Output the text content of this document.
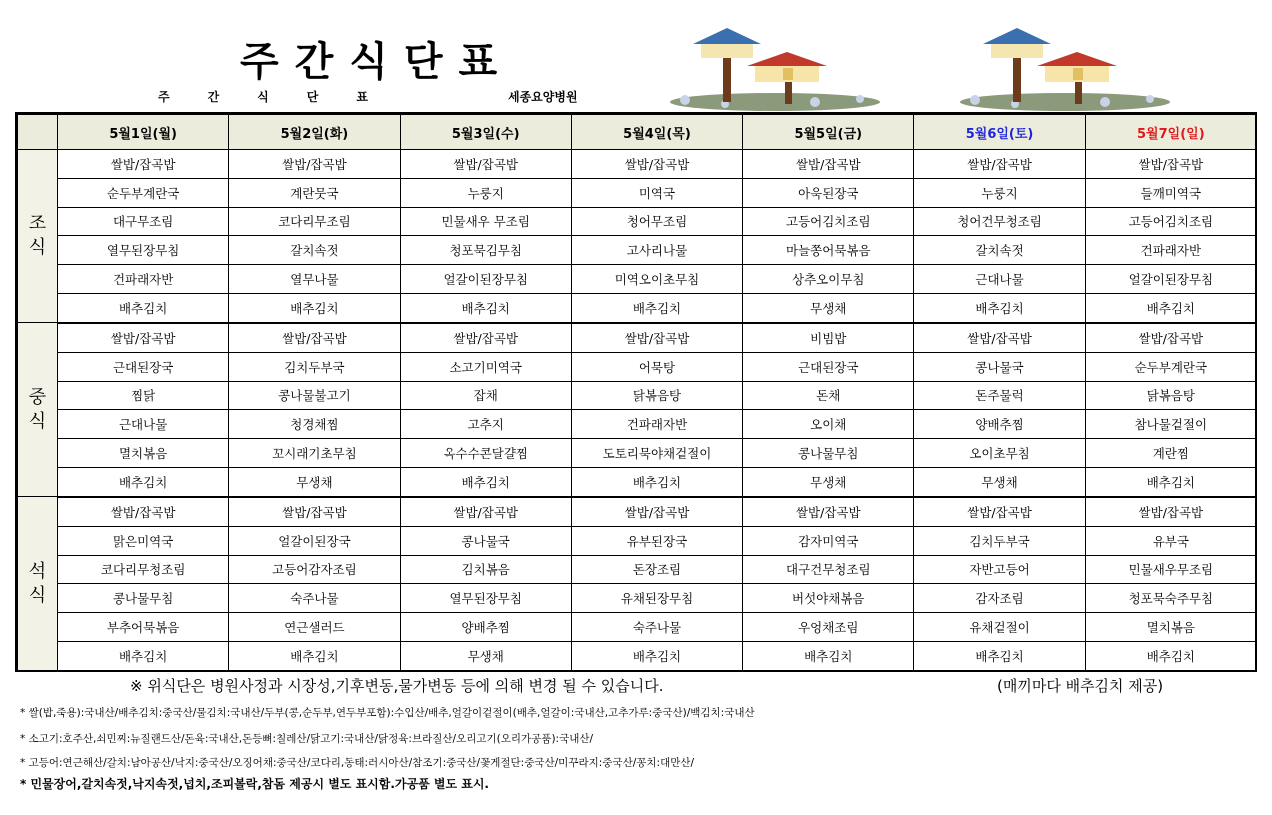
주간식단표
주간식단표	세종요양병원
	5월1일(월)	5월2일(화)	5월3일(수)	5월4일(목)	5월5일(금)	5월6일(토)	5월7일(일)
조
식	쌀밥/잡곡밥	쌀밥/잡곡밥	쌀밥/잡곡밥	쌀밥/잡곡밥	쌀밥/잡곡밥	쌀밥/잡곡밥	쌀밥/잡곡밥
	순두부계란국	계란뭇국	누룽지	미역국	아욱된장국	누룽지	들깨미역국
	대구무조림	코다리무조림	민물새우 무조림	청어무조림	고등어김치조림	청어건무청조림	고등어김치조림
	열무된장무침	갈치속젓	청포묵김무침	고사리나물	마늘쫑어묵볶음	갈치속젓	건파래자반
	건파래자반	열무나물	얼갈이된장무침	미역오이초무침	상추오이무침	근대나물	얼갈이된장무침
	배추김치	배추김치	배추김치	배추김치	무생채	배추김치	배추김치
중
식	쌀밥/잡곡밥	쌀밥/잡곡밥	쌀밥/잡곡밥	쌀밥/잡곡밥	비빔밥	쌀밥/잡곡밥	쌀밥/잡곡밥
	근대된장국	김치두부국	소고기미역국	어묵탕	근대된장국	콩나물국	순두부계란국
	찜닭	콩나물불고기	잡채	닭볶음탕	돈채	돈주물럭	닭볶음탕
	근대나물	청경채찜	고추지	건파래자반	오이채	양배추찜	참나물겉절이
	멸치볶음	꼬시래기초무침	옥수수콘달걀찜	도토리묵야채겉절이	콩나물무침	오이초무침	계란찜
	배추김치	무생채	배추김치	배추김치	무생채	무생채	배추김치
석
식	쌀밥/잡곡밥	쌀밥/잡곡밥	쌀밥/잡곡밥	쌀밥/잡곡밥	쌀밥/잡곡밥	쌀밥/잡곡밥	쌀밥/잡곡밥
	맑은미역국	얼갈이된장국	콩나물국	유부된장국	감자미역국	김치두부국	유부국
	코다리무청조림	고등어감자조림	김치볶음	돈장조림	대구건무청조림	자반고등어	민물새우무조림
	콩나물무침	숙주나물	열무된장무침	유채된장무침	버섯야채볶음	감자조림	청포묵숙주무침
	부추어묵볶음	연근샐러드	양배추찜	숙주나물	우엉채조림	유채겉절이	멸치볶음
	배추김치	배추김치	무생채	배추김치	배추김치	배추김치	배추김치
※ 위식단은 병원사정과 시장성,기후변동,물가변동 등에 의해 변경 될 수 있습니다.	(매끼마다 배추김치 제공)
* 쌀(밥,죽용):국내산/배추김치:중국산/물김치:국내산/두부(콩,순두부,연두부포함):수입산/배추,얼갈이겉절이(배추,얼갈이:국내산,고추가루:중국산)/백김치:국내산
* 소고기:호주산,쇠민찌:뉴질랜드산/돈육:국내산,돈등뼈:칠레산/닭고기:국내산/닭정육:브라질산/오리고기(오리가공품):국내산/
* 고등어:연근해산/갈치:남아공산/낙지:중국산/오징어채:중국산/코다리,동태:러시아산/참조기:중국산/꽃게절단:중국산/미꾸라지:중국산/꽁치:대만산/
* 민물장어,갈치속젓,낙지속젓,넙치,조피볼락,참돔 제공시 별도 표시함.가공품 별도 표시.
